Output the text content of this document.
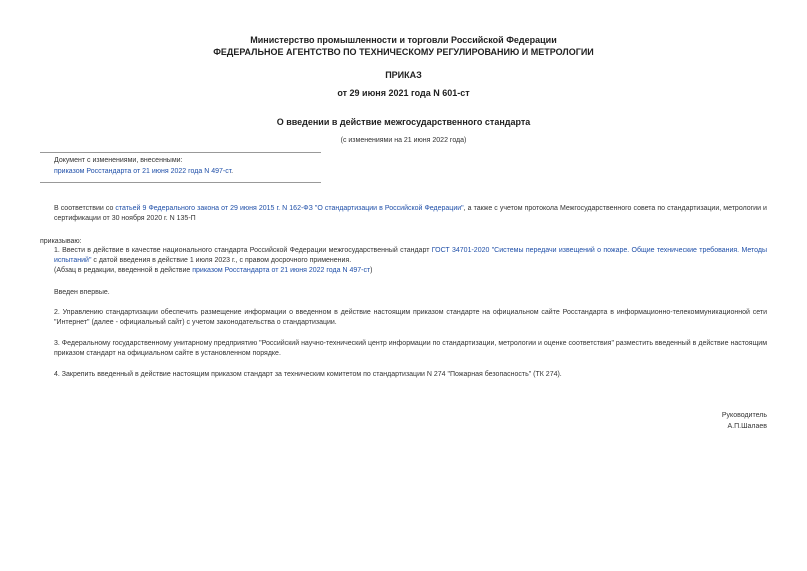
Министерство промышленности и торговли Российской Федерации
ФЕДЕРАЛЬНОЕ АГЕНТСТВО ПО ТЕХНИЧЕСКОМУ РЕГУЛИРОВАНИЮ И МЕТРОЛОГИИ
ПРИКАЗ
от 29 июня 2021 года N 601-ст
О введении в действие межгосударственного стандарта
(с изменениями на 21 июня 2022 года)
Документ с изменениями, внесенными:
приказом Росстандарта от 21 июня 2022 года N 497-ст.
В соответствии со статьей 9 Федерального закона от 29 июня 2015 г. N 162-ФЗ "О стандартизации в Российской Федерации", а также с учетом протокола Межгосударственного совета по стандартизации, метрологии и сертификации от 30 ноября 2020 г. N 135-П
приказываю:
1. Ввести в действие в качестве национального стандарта Российской Федерации межгосударственный стандарт ГОСТ 34701-2020 "Системы передачи извещений о пожаре. Общие технические требования. Методы испытаний" с датой введения в действие 1 июля 2023 г., с правом досрочного применения.
(Абзац в редакции, введенной в действие приказом Росстандарта от 21 июня 2022 года N 497-ст)
Введен впервые.
2. Управлению стандартизации обеспечить размещение информации о введенном в действие настоящим приказом стандарте на официальном сайте Росстандарта в информационно-телекоммуникационной сети "Интернет" (далее - официальный сайт) с учетом законодательства о стандартизации.
3. Федеральному государственному унитарному предприятию "Российский научно-технический центр информации по стандартизации, метрологии и оценке соответствия" разместить введенный в действие настоящим приказом стандарт на официальном сайте в установленном порядке.
4. Закрепить введенный в действие настоящим приказом стандарт за техническим комитетом по стандартизации N 274 "Пожарная безопасность" (ТК 274).
Руководитель
А.П.Шалаев
